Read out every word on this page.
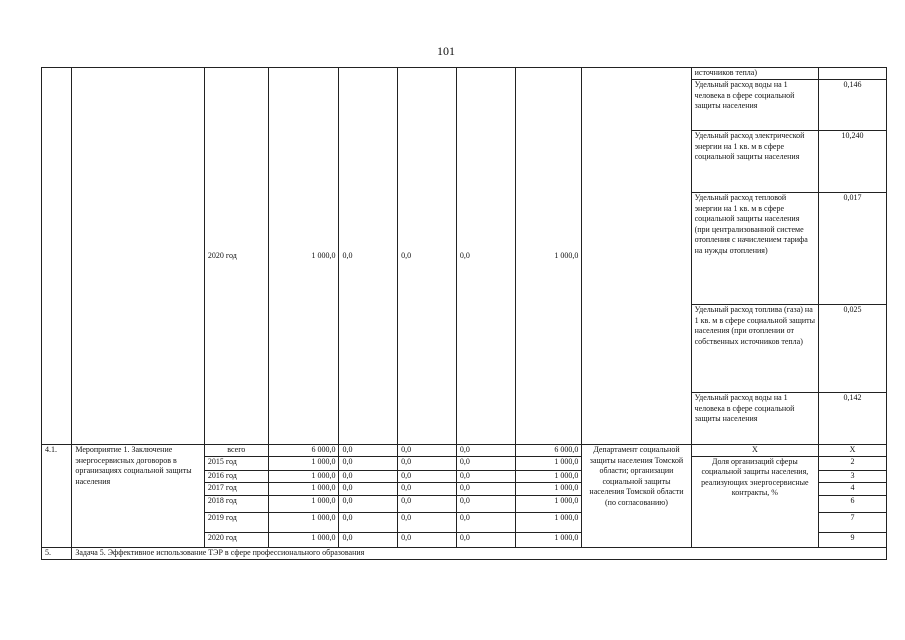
101

		2020 год	1 000,0	0,0	0,0	0,0	1 000,0		источников тепла)	
									Удельный расход воды на 1 человека в сфере социальной защиты населения	0,146
									Удельный расход электрической энергии на 1 кв. м в сфере социальной защиты населения	10,240
									Удельный расход тепловой энергии на 1 кв. м в сфере социальной защиты населения (при централизованной системе отопления с начислением тарифа на нужды отопления)	0,017
									Удельный расход топлива (газа) на 1 кв. м в сфере социальной защиты населения (при отоплении от собственных источников тепла)	0,025
									Удельный расход воды на 1 человека в сфере социальной защиты населения	0,142
4.1.	Мероприятие 1. Заключение энергосервисных договоров в организациях социальной защиты населения	всего	6 000,0	0,0	0,0	0,0	6 000,0	Департамент социальной защиты населения Томской области; организации социальной защиты населения Томской области (по согласованию)	X	X
		2015 год	1 000,0	0,0	0,0	0,0	1 000,0		Доля организаций сферы социальной защиты населения, реализующих энергосервисные контракты, %	2
		2016 год	1 000,0	0,0	0,0	0,0	1 000,0			3
		2017 год	1 000,0	0,0	0,0	0,0	1 000,0			4
		2018 год	1 000,0	0,0	0,0	0,0	1 000,0			6
		2019 год	1 000,0	0,0	0,0	0,0	1 000,0			7
		2020 год	1 000,0	0,0	0,0	0,0	1 000,0			9
5.	Задача 5. Эффективное использование ТЭР в сфере профессионального образования									
